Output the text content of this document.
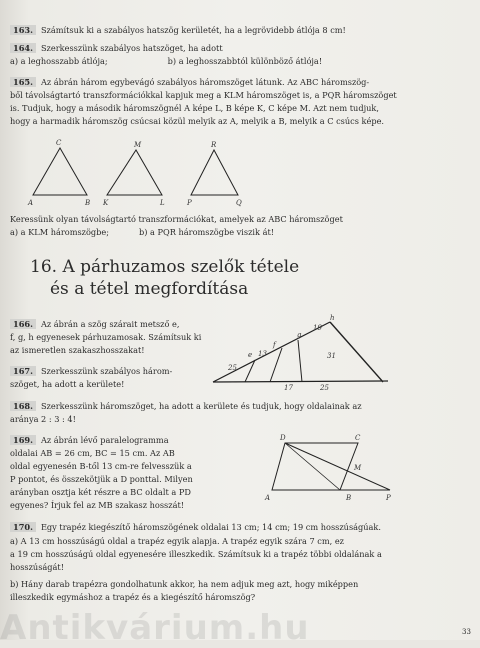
163. Számítsuk ki a szabályos hatszög kerületét, ha a legrövidebb átlója 8 cm!
164. Szerkesszünk szabályos hatszöget, ha adott
a) a leghosszabb átlója;	b) a leghosszabbtól különböző átlója!
165. Az ábrán három egybevágó szabályos háromszöget látunk. Az ABC háromszög-
ből távolságtartó transzformációkkal kapjuk meg a KLM háromszöget is, a PQR háromszöget
is. Tudjuk, hogy a második háromszögnél A képe L, B képe K, C képe M. Azt nem tudjuk,
hogy a harmadik háromszög csúcsai közül melyik az A, melyik a B, melyik a C csúcs képe.
C
A	B
M
K	L
R
P	Q
e
f
g
h
25
13
19
17	25
31
D	C
A	B	P
M
Keressünk olyan távolságtartó transzformációkat, amelyek az ABC háromszöget
a) a KLM háromszögbe;	b) a PQR háromszögbe viszik át!
16. A párhuzamos szelők tétele
és a tétel megfordítása
166. Az ábrán a szög szárait metsző e,
f, g, h egyenesek párhuzamosak. Számítsuk ki
az ismeretlen szakaszhosszakat!
167. Szerkesszünk szabályos három-
szöget, ha adott a kerülete!
168. Szerkesszünk háromszöget, ha adott a kerülete és tudjuk, hogy oldalainak az
aránya 2 : 3 : 4!
169. Az ábrán lévő paralelogramma
oldalai AB = 26 cm, BC = 15 cm. Az AB
oldal egyenesén B-től 13 cm-re felvesszük a
P pontot, és összekötjük a D ponttal. Milyen
arányban osztja két részre a BC oldalt a PD
egyenes? Írjuk fel az MB szakasz hosszát!
170. Egy trapéz kiegészítő háromszögének oldalai 13 cm; 14 cm; 19 cm hosszúságúak.
a) A 13 cm hosszúságú oldal a trapéz egyik alapja. A trapéz egyik szára 7 cm, ez
a 19 cm hosszúságú oldal egyenesére illeszkedik. Számítsuk ki a trapéz többi oldalának a
hosszúságát!
b) Hány darab trapézra gondolhatunk akkor, ha nem adjuk meg azt, hogy miképpen
illeszkedik egymáshoz a trapéz és a kiegészítő háromszög?
33
Antikvárium.hu
